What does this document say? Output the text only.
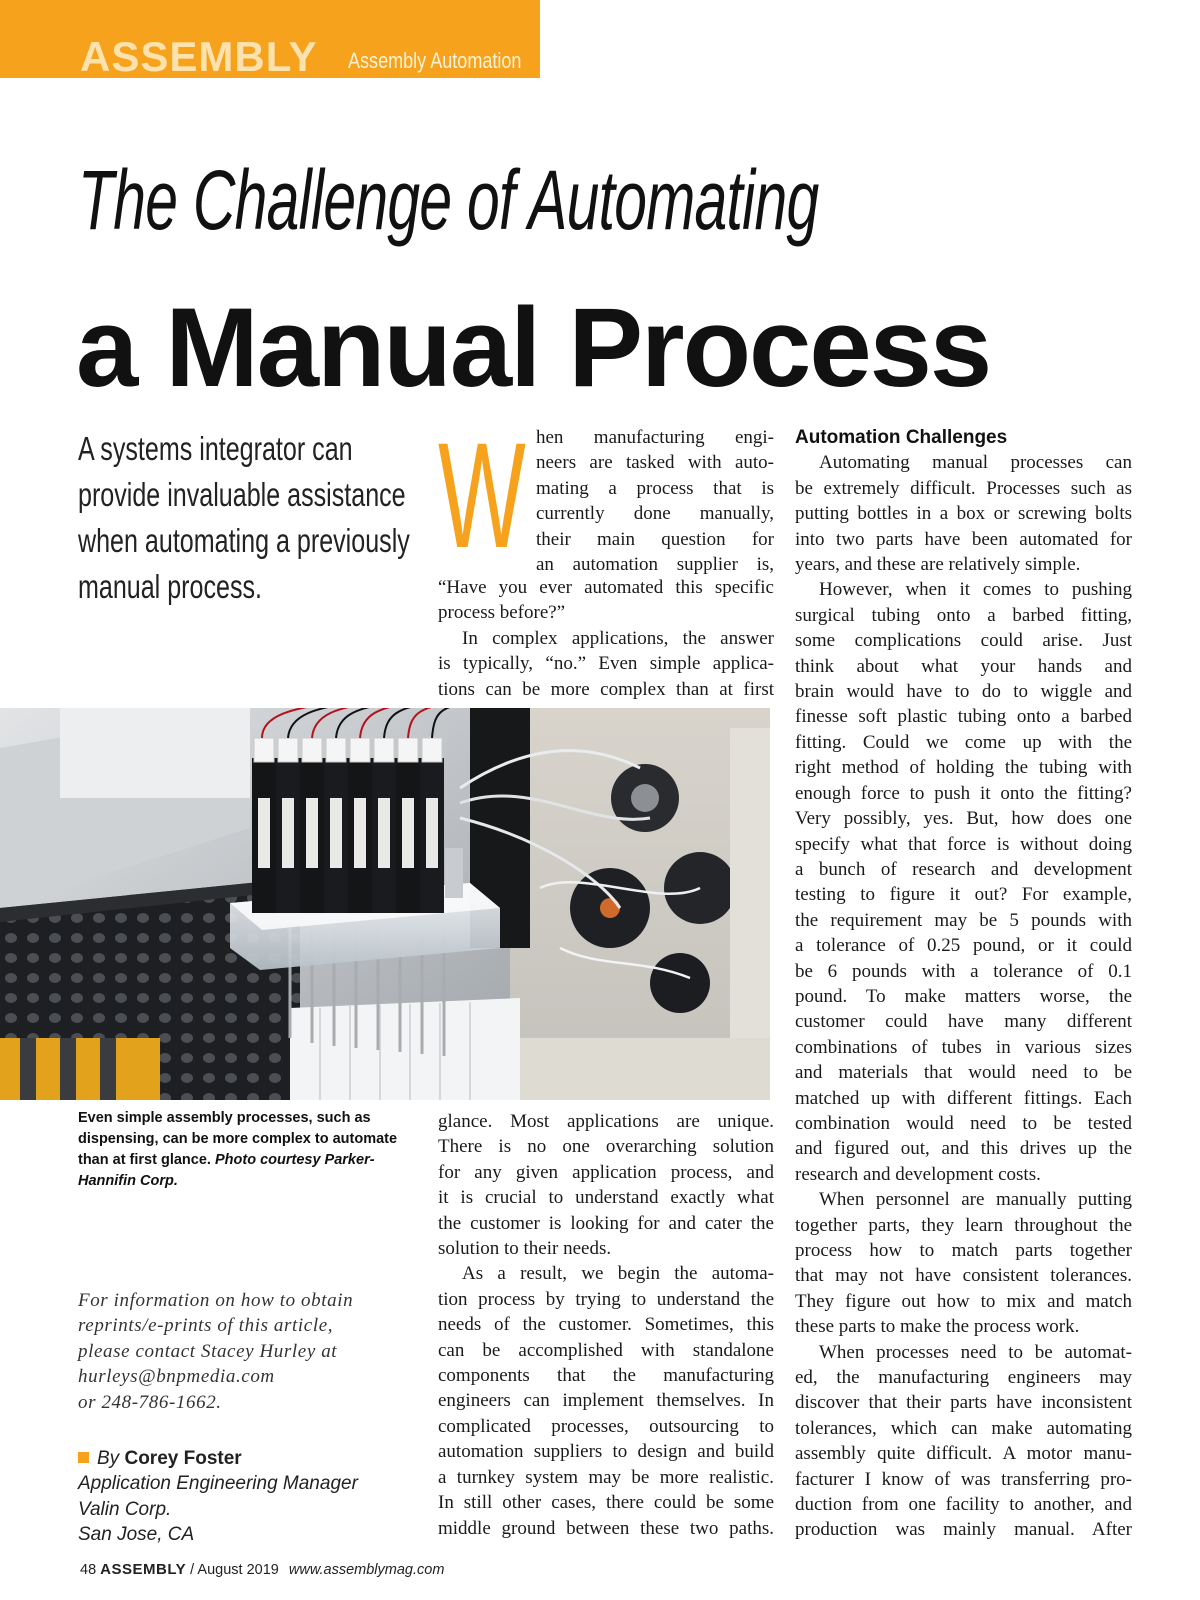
ASSEMBLY Assembly Automation
The Challenge of Automating
a Manual Process
A systems integrator can
provide invaluable assistance
when automating a previously
manual process.
W hen manufacturing engi-
neers are tasked with auto-
mating a process that is
currently done manually,
their main question for
an automation supplier is,
“Have you ever automated this specific
process before?”
In complex applications, the answer
is typically, “no.” Even simple applica-
tions can be more complex than at first
glance. Most applications are unique.
There is no one overarching solution
for any given application process, and
it is crucial to understand exactly what
the customer is looking for and cater the
solution to their needs.
As a result, we begin the automa-
tion process by trying to understand the
needs of the customer. Sometimes, this
can be accomplished with standalone
components that the manufacturing
engineers can implement themselves. In
complicated processes, outsourcing to
automation suppliers to design and build
a turnkey system may be more realistic.
In still other cases, there could be some
middle ground between these two paths.
Automation Challenges
Automating manual processes can
be extremely difficult. Processes such as
putting bottles in a box or screwing bolts
into two parts have been automated for
years, and these are relatively simple.
However, when it comes to pushing
surgical tubing onto a barbed fitting,
some complications could arise. Just
think about what your hands and
brain would have to do to wiggle and
finesse soft plastic tubing onto a barbed
fitting. Could we come up with the
right method of holding the tubing with
enough force to push it onto the fitting?
Very possibly, yes. But, how does one
specify what that force is without doing
a bunch of research and development
testing to figure it out? For example,
the requirement may be 5 pounds with
a tolerance of 0.25 pound, or it could
be 6 pounds with a tolerance of 0.1
pound. To make matters worse, the
customer could have many different
combinations of tubes in various sizes
and materials that would need to be
matched up with different fittings. Each
combination would need to be tested
and figured out, and this drives up the
research and development costs.
When personnel are manually putting
together parts, they learn throughout the
process how to match parts together
that may not have consistent tolerances.
They figure out how to mix and match
these parts to make the process work.
When processes need to be automat-
ed, the manufacturing engineers may
discover that their parts have inconsistent
tolerances, which can make automating
assembly quite difficult. A motor manu-
facturer I know of was transferring pro-
duction from one facility to another, and
production was mainly manual. After
Even simple assembly processes, such as dispensing, can be more complex to automate than at first glance. Photo courtesy Parker-Hannifin Corp.
For information on how to obtain
reprints/e-prints of this article,
please contact Stacey Hurley at
hurleys@bnpmedia.com
or 248-786-1662.
By Corey Foster
Application Engineering Manager
Valin Corp.
San Jose, CA
48 ASSEMBLY / August 2019 www.assemblymag.com
